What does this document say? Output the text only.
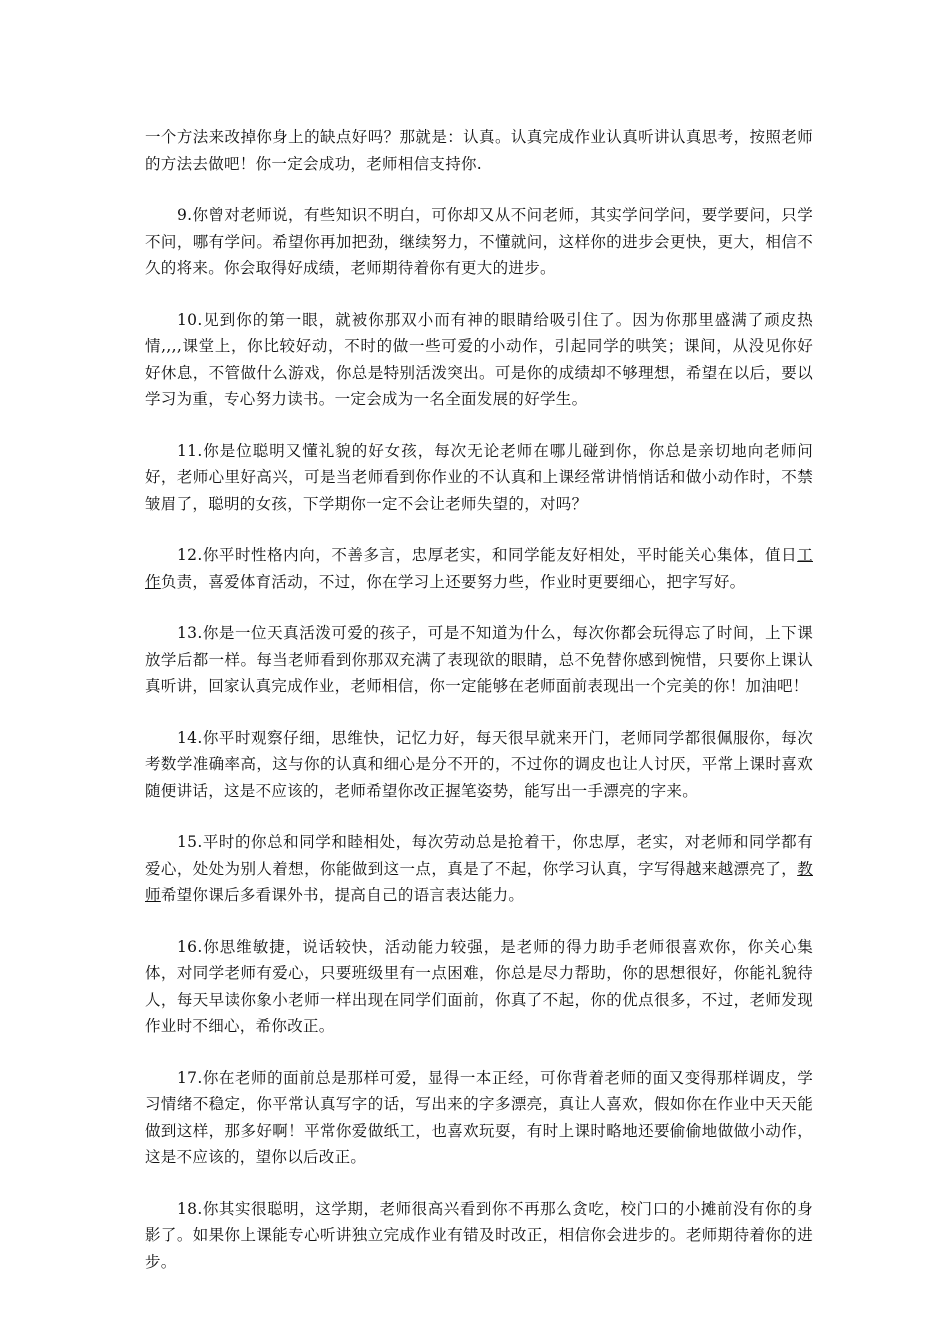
一个方法来改掉你身上的缺点好吗？那就是：认真。认真完成作业认真听讲认真思考，按照老师的方法去做吧！你一定会成功，老师相信支持你.

9.你曾对老师说，有些知识不明白，可你却又从不问老师，其实学问学问，要学要问，只学不问，哪有学问。希望你再加把劲，继续努力，不懂就问，这样你的进步会更快，更大，相信不久的将来。你会取得好成绩，老师期待着你有更大的进步。

10.见到你的第一眼，就被你那双小而有神的眼睛给吸引住了。因为你那里盛满了顽皮热情,,,,课堂上，你比较好动，不时的做一些可爱的小动作，引起同学的哄笑；课间，从没见你好好休息，不管做什么游戏，你总是特别活泼突出。可是你的成绩却不够理想，希望在以后，要以学习为重，专心努力读书。一定会成为一名全面发展的好学生。

11.你是位聪明又懂礼貌的好女孩，每次无论老师在哪儿碰到你，你总是亲切地向老师问好，老师心里好高兴，可是当老师看到你作业的不认真和上课经常讲悄悄话和做小动作时，不禁皱眉了，聪明的女孩，下学期你一定不会让老师失望的，对吗？

12.你平时性格内向，不善多言，忠厚老实，和同学能友好相处，平时能关心集体，值日工作负责，喜爱体育活动，不过，你在学习上还要努力些，作业时更要细心，把字写好。

13.你是一位天真活泼可爱的孩子，可是不知道为什么，每次你都会玩得忘了时间，上下课放学后都一样。每当老师看到你那双充满了表现欲的眼睛，总不免替你感到惋惜，只要你上课认真听讲，回家认真完成作业，老师相信，你一定能够在老师面前表现出一个完美的你！加油吧！

14.你平时观察仔细，思维快，记忆力好，每天很早就来开门，老师同学都很佩服你，每次考数学准确率高，这与你的认真和细心是分不开的，不过你的调皮也让人讨厌，平常上课时喜欢随便讲话，这是不应该的，老师希望你改正握笔姿势，能写出一手漂亮的字来。

15.平时的你总和同学和睦相处，每次劳动总是抢着干，你忠厚，老实，对老师和同学都有爱心，处处为别人着想，你能做到这一点，真是了不起，你学习认真，字写得越来越漂亮了，教师希望你课后多看课外书，提高自己的语言表达能力。

16.你思维敏捷，说话较快，活动能力较强，是老师的得力助手老师很喜欢你，你关心集体，对同学老师有爱心，只要班级里有一点困难，你总是尽力帮助，你的思想很好，你能礼貌待人，每天早读你象小老师一样出现在同学们面前，你真了不起，你的优点很多，不过，老师发现作业时不细心，希你改正。

17.你在老师的面前总是那样可爱，显得一本正经，可你背着老师的面又变得那样调皮，学习情绪不稳定，你平常认真写字的话，写出来的字多漂亮，真让人喜欢，假如你在作业中天天能做到这样，那多好啊！平常你爱做纸工，也喜欢玩耍，有时上课时略地还要偷偷地做做小动作，这是不应该的，望你以后改正。

18.你其实很聪明，这学期，老师很高兴看到你不再那么贪吃，校门口的小摊前没有你的身影了。如果你上课能专心听讲独立完成作业有错及时改正，相信你会进步的。老师期待着你的进步。
